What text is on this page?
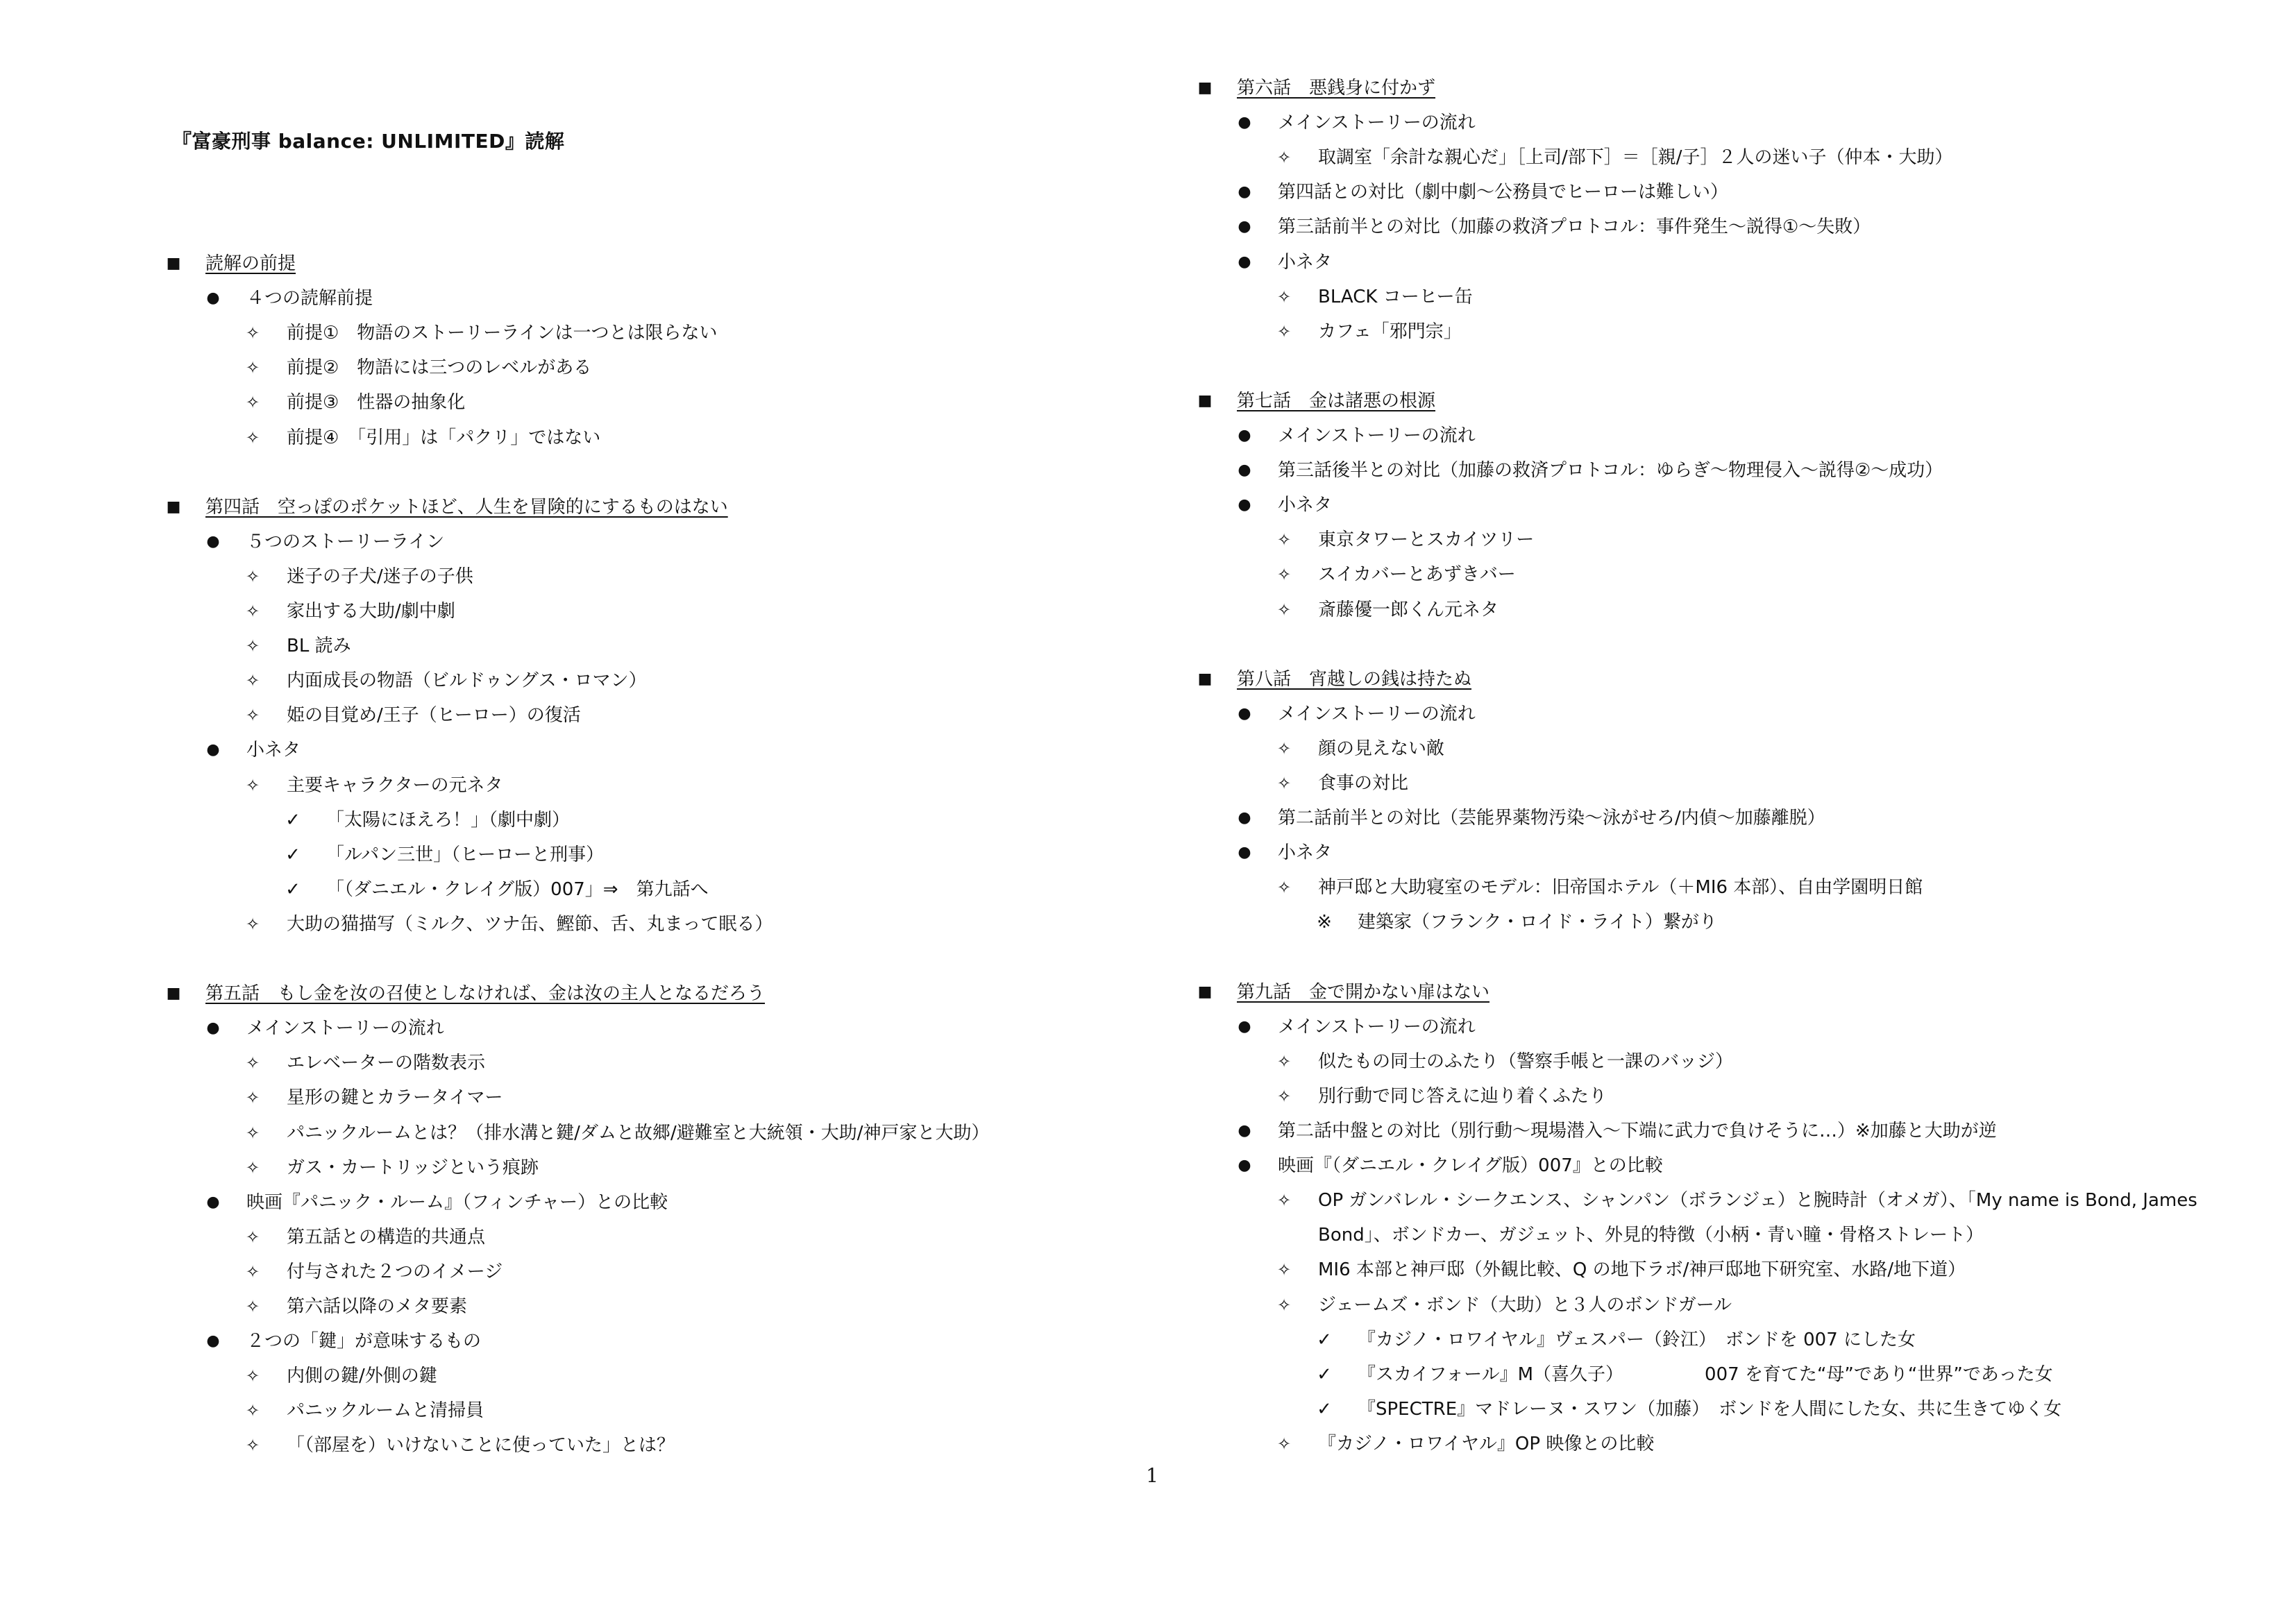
『富豪刑事 balance: UNLIMITED』読解
■	読解の前提
●	４つの読解前提
✧	前提①　物語のストーリーラインは一つとは限らない
✧	前提②　物語には三つのレベルがある
✧	前提③　性器の抽象化
✧	前提④　「引用」は「パクリ」ではない
■	第四話　空っぽのポケットほど、人生を冒険的にするものはない
●	５つのストーリーライン
✧	迷子の子犬/迷子の子供
✧	家出する大助/劇中劇
✧	BL 読み
✧	内面成長の物語（ビルドゥングス・ロマン）
✧	姫の目覚め/王子（ヒーロー）の復活
●	小ネタ
✧	主要キャラクターの元ネタ
✓	「太陽にほえろ！」（劇中劇）
✓	「ルパン三世」（ヒーローと刑事）
✓	「（ダニエル・クレイグ版）007」⇒　第九話へ
✧	大助の猫描写（ミルク、ツナ缶、鰹節、舌、丸まって眠る）
■	第五話　もし金を汝の召使としなければ、金は汝の主人となるだろう
●	メインストーリーの流れ
✧	エレベーターの階数表示
✧	星形の鍵とカラータイマー
✧	パニックルームとは？（排水溝と鍵/ダムと故郷/避難室と大統領・大助/神戸家と大助）
✧	ガス・カートリッジという痕跡
●	映画『パニック・ルーム』（フィンチャー）との比較
✧	第五話との構造的共通点
✧	付与された２つのイメージ
✧	第六話以降のメタ要素
●	２つの「鍵」が意味するもの
✧	内側の鍵/外側の鍵
✧	パニックルームと清掃員
✧	「（部屋を）いけないことに使っていた」とは？
■	第六話　悪銭身に付かず
●	メインストーリーの流れ
✧	取調室「余計な親心だ」［上司/部下］＝［親/子］２人の迷い子（仲本・大助）
●	第四話との対比（劇中劇～公務員でヒーローは難しい）
●	第三話前半との対比（加藤の救済プロトコル：事件発生～説得①～失敗）
●	小ネタ
✧	BLACK コーヒー缶
✧	カフェ「邪門宗」
■	第七話　金は諸悪の根源
●	メインストーリーの流れ
●	第三話後半との対比（加藤の救済プロトコル：ゆらぎ～物理侵入～説得②～成功）
●	小ネタ
✧	東京タワーとスカイツリー
✧	スイカバーとあずきバー
✧	斎藤優一郎くん元ネタ
■	第八話　宵越しの銭は持たぬ
●	メインストーリーの流れ
✧	顔の見えない敵
✧	食事の対比
●	第二話前半との対比（芸能界薬物汚染～泳がせろ/内偵～加藤離脱）
●	小ネタ
✧	神戸邸と大助寝室のモデル：旧帝国ホテル（＋MI6 本部）、自由学園明日館
※	建築家（フランク・ロイド・ライト）繋がり
■	第九話　金で開かない扉はない
●	メインストーリーの流れ
✧	似たもの同士のふたり（警察手帳と一課のバッジ）
✧	別行動で同じ答えに辿り着くふたり
●	第二話中盤との対比（別行動～現場潜入～下端に武力で負けそうに…）※加藤と大助が逆
●	映画『（ダニエル・クレイグ版）007』との比較
✧	OP ガンバレル・シークエンス、シャンパン（ボランジェ）と腕時計（オメガ）、「My name is Bond, James
Bond」、ボンドカー、ガジェット、外見的特徴（小柄・青い瞳・骨格ストレート）
✧	MI6 本部と神戸邸（外観比較、Q の地下ラボ/神戸邸地下研究室、水路/地下道）
✧	ジェームズ・ボンド（大助）と３人のボンドガール
✓	『カジノ・ロワイヤル』ヴェスパー（鈴江）　ボンドを 007 にした女
✓	『スカイフォール』M（喜久子）　　　　　007 を育てた“母”であり“世界”であった女
✓	『SPECTRE』マドレーヌ・スワン（加藤）　ボンドを人間にした女、共に生きてゆく女
✧	『カジノ・ロワイヤル』OP 映像との比較
1
